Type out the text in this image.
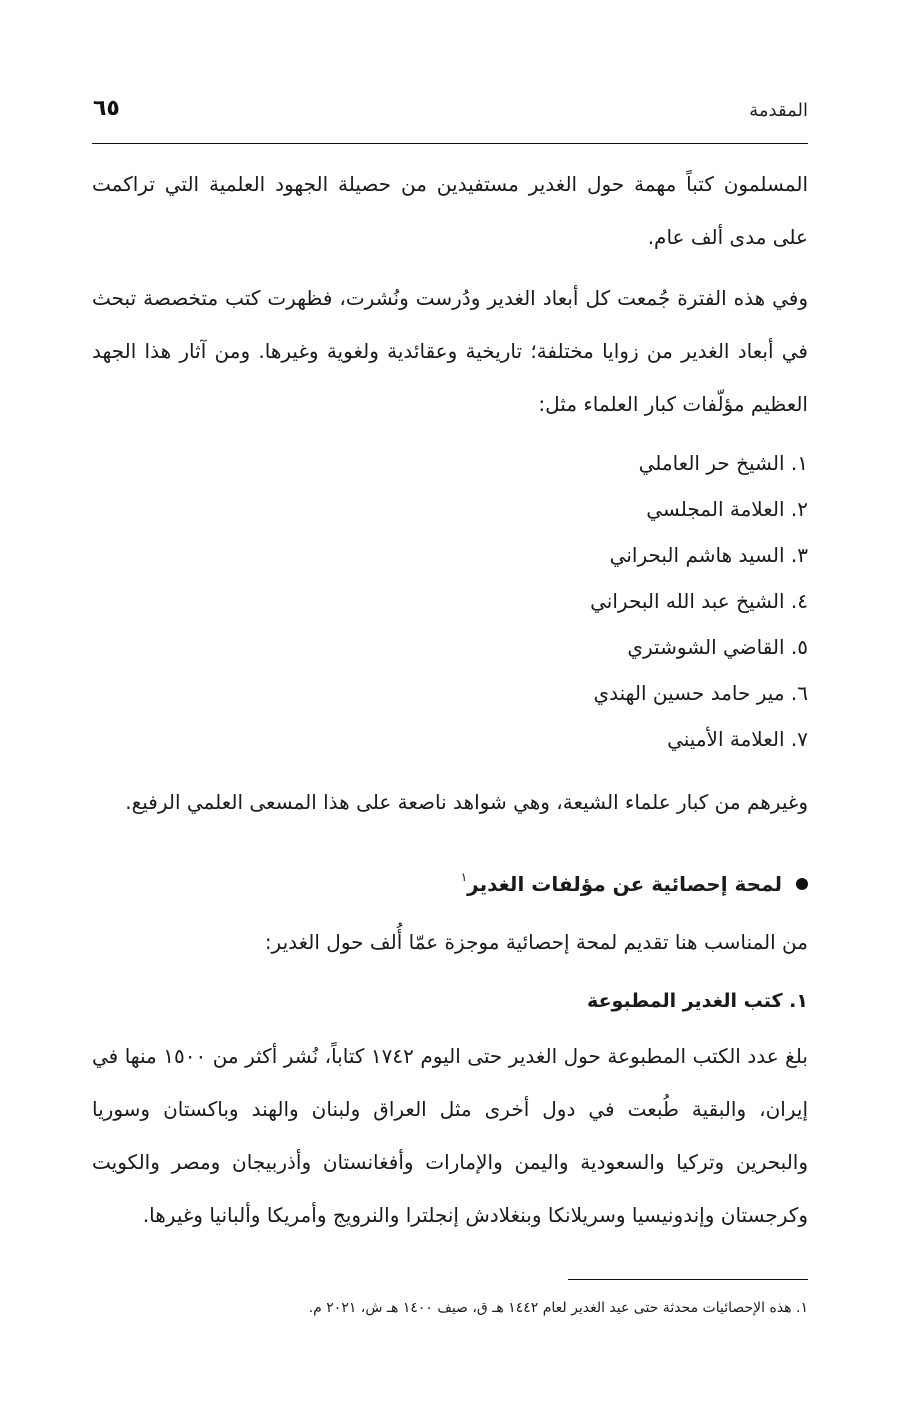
المقدمة
٦٥

المسلمون كتباً مهمة حول الغدير مستفيدين من حصيلة الجهود العلمية التي تراكمت على مدى ألف عام.

وفي هذه الفترة جُمعت كل أبعاد الغدير ودُرست ونُشرت، فظهرت كتب متخصصة تبحث في أبعاد الغدير من زوايا مختلفة؛ تاريخية وعقائدية ولغوية وغيرها. ومن آثار هذا الجهد العظيم مؤلّفات كبار العلماء مثل:

١. الشيخ حر العاملي
٢. العلامة المجلسي
٣. السيد هاشم البحراني
٤. الشيخ عبد الله البحراني
٥. القاضي الشوشتري
٦. مير حامد حسين الهندي
٧. العلامة الأميني

وغيرهم من كبار علماء الشيعة، وهي شواهد ناصعة على هذا المسعى العلمي الرفيع.

لمحة إحصائية عن مؤلفات الغدير$^١$

من المناسب هنا تقديم لمحة إحصائية موجزة عمّا أُلف حول الغدير:

١. كتب الغدير المطبوعة

بلغ عدد الكتب المطبوعة حول الغدير حتى اليوم ١٧٤٢ كتاباً، نُشر أكثر من ١٥٠٠ منها في إيران، والبقية طُبعت في دول أخرى مثل العراق ولبنان والهند وباكستان وسوريا والبحرين وتركيا والسعودية واليمن والإمارات وأفغانستان وأذربيجان ومصر والكويت وكرجستان وإندونيسيا وسريلانكا وبنغلادش إنجلترا والنرويج وأمريكا وألبانيا وغيرها.

١. هذه الإحصائيات محدثة حتى عيد الغدير لعام ١٤٤٢ هـ ق، صيف ١٤٠٠ هـ ش، ٢٠٢١ م.
